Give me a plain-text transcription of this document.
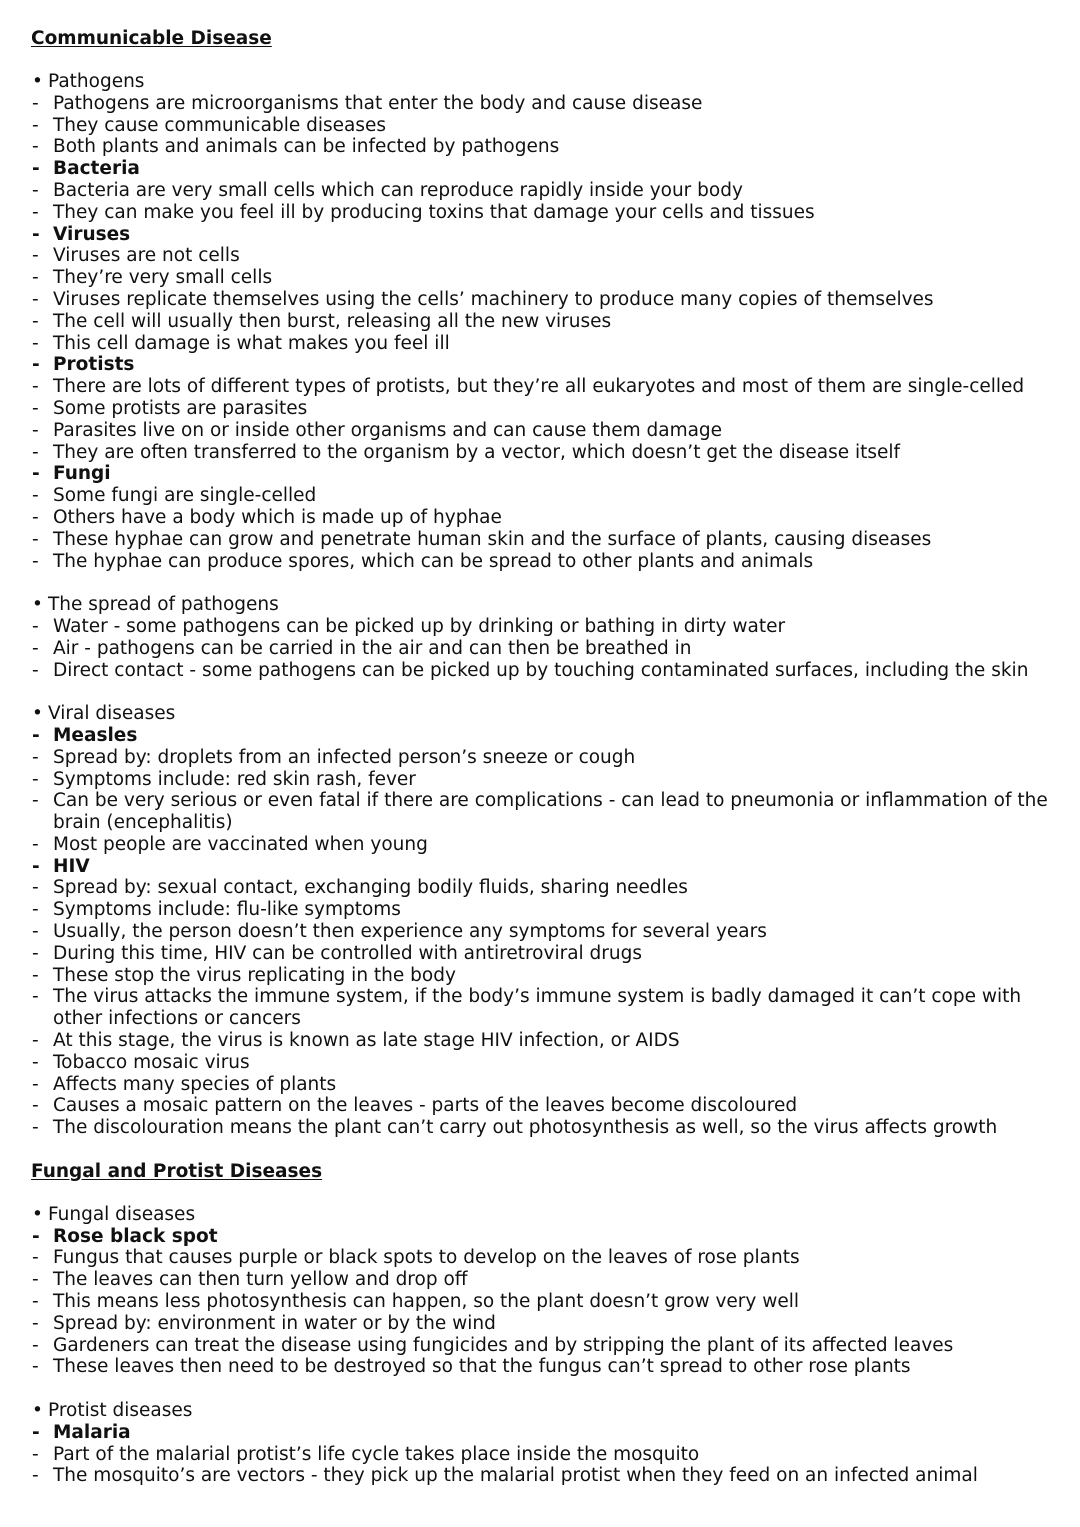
Communicable Disease
• Pathogens
- Pathogens are microorganisms that enter the body and cause disease
- They cause communicable diseases
- Both plants and animals can be infected by pathogens
- Bacteria
- Bacteria are very small cells which can reproduce rapidly inside your body
- They can make you feel ill by producing toxins that damage your cells and tissues
- Viruses
- Viruses are not cells
- They’re very small cells
- Viruses replicate themselves using the cells’ machinery to produce many copies of themselves
- The cell will usually then burst, releasing all the new viruses
- This cell damage is what makes you feel ill
- Protists
- There are lots of different types of protists, but they’re all eukaryotes and most of them are single-celled
- Some protists are parasites
- Parasites live on or inside other organisms and can cause them damage
- They are often transferred to the organism by a vector, which doesn’t get the disease itself
- Fungi
- Some fungi are single-celled
- Others have a body which is made up of hyphae
- These hyphae can grow and penetrate human skin and the surface of plants, causing diseases
- The hyphae can produce spores, which can be spread to other plants and animals
• The spread of pathogens
- Water - some pathogens can be picked up by drinking or bathing in dirty water
- Air - pathogens can be carried in the air and can then be breathed in
- Direct contact - some pathogens can be picked up by touching contaminated surfaces, including the skin
• Viral diseases
- Measles
- Spread by: droplets from an infected person’s sneeze or cough
- Symptoms include: red skin rash, fever
- Can be very serious or even fatal if there are complications - can lead to pneumonia or inflammation of the brain (encephalitis)
- Most people are vaccinated when young
- HIV
- Spread by: sexual contact, exchanging bodily fluids, sharing needles
- Symptoms include: flu-like symptoms
- Usually, the person doesn’t then experience any symptoms for several years
- During this time, HIV can be controlled with antiretroviral drugs
- These stop the virus replicating in the body
- The virus attacks the immune system, if the body’s immune system is badly damaged it can’t cope with other infections or cancers
- At this stage, the virus is known as late stage HIV infection, or AIDS
- Tobacco mosaic virus
- Affects many species of plants
- Causes a mosaic pattern on the leaves - parts of the leaves become discoloured
- The discolouration means the plant can’t carry out photosynthesis as well, so the virus affects growth
Fungal and Protist Diseases
• Fungal diseases
- Rose black spot
- Fungus that causes purple or black spots to develop on the leaves of rose plants
- The leaves can then turn yellow and drop off
- This means less photosynthesis can happen, so the plant doesn’t grow very well
- Spread by: environment in water or by the wind
- Gardeners can treat the disease using fungicides and by stripping the plant of its affected leaves
- These leaves then need to be destroyed so that the fungus can’t spread to other rose plants
• Protist diseases
- Malaria
- Part of the malarial protist’s life cycle takes place inside the mosquito
- The mosquito’s are vectors - they pick up the malarial protist when they feed on an infected animal
